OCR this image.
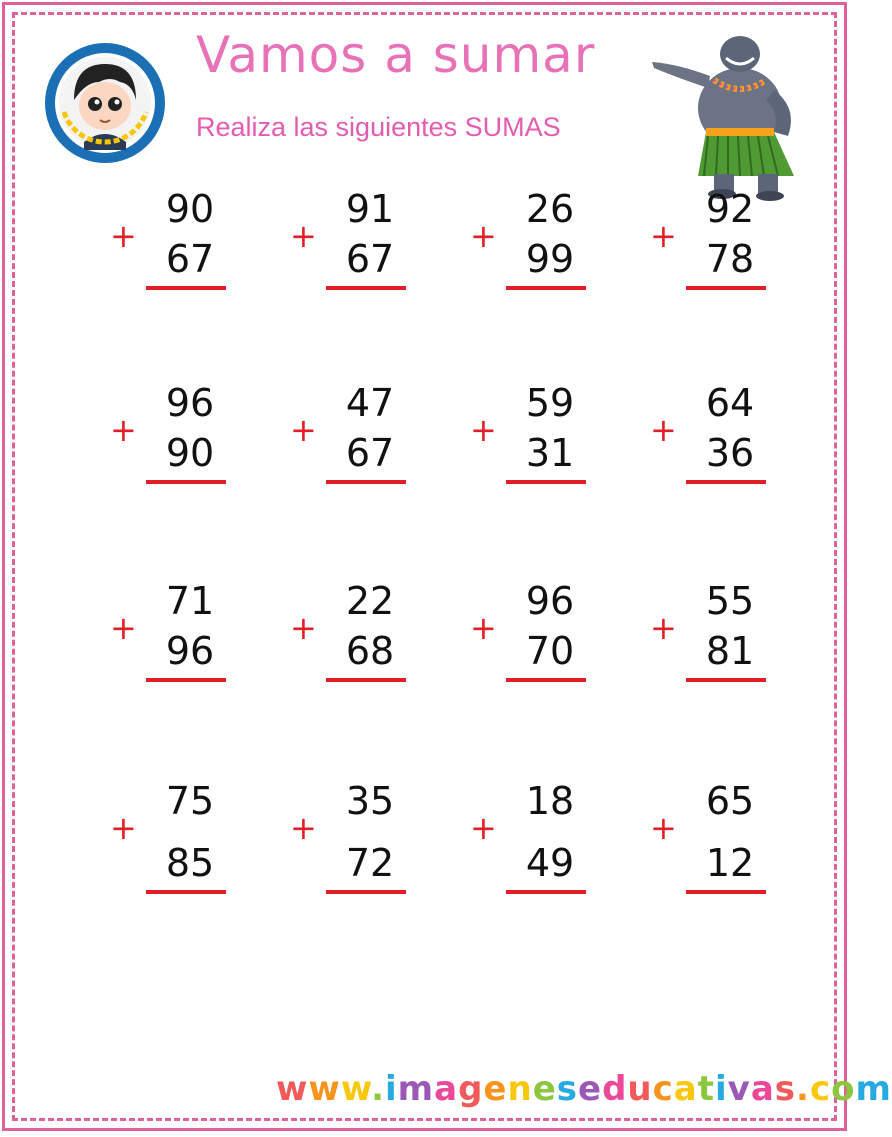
Vamos a sumar
Realiza las siguientes SUMAS
+
90
67
+
91
67
+
26
99
+
92
78
+
96
90
+
47
67
+
59
31
+
64
36
+
71
96
+
22
68
+
96
70
+
55
81
+
75
85
+
35
72
+
18
49
+
65
12
www.imageneseducativas.com
